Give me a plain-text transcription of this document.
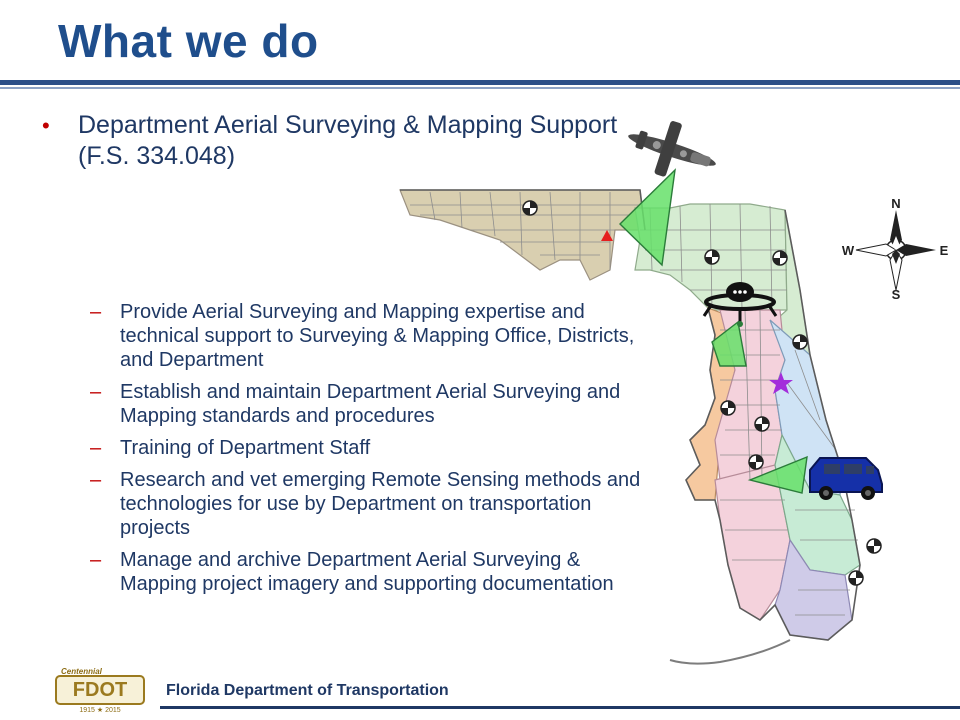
What we do
• Department Aerial Surveying & Mapping Support (F.S. 334.048)
– Provide Aerial Surveying and Mapping expertise and technical support to Surveying & Mapping Office, Districts, and Department
– Establish and maintain Department Aerial Surveying and Mapping standards and procedures
– Training of Department Staff
– Research and vet emerging Remote Sensing methods and technologies for use by Department on transportation projects
– Manage and archive Department Aerial Surveying & Mapping project imagery and supporting documentation
N
E
S
W
Centennial
FDOT
1915 ★ 2015
Florida Department of Transportation
